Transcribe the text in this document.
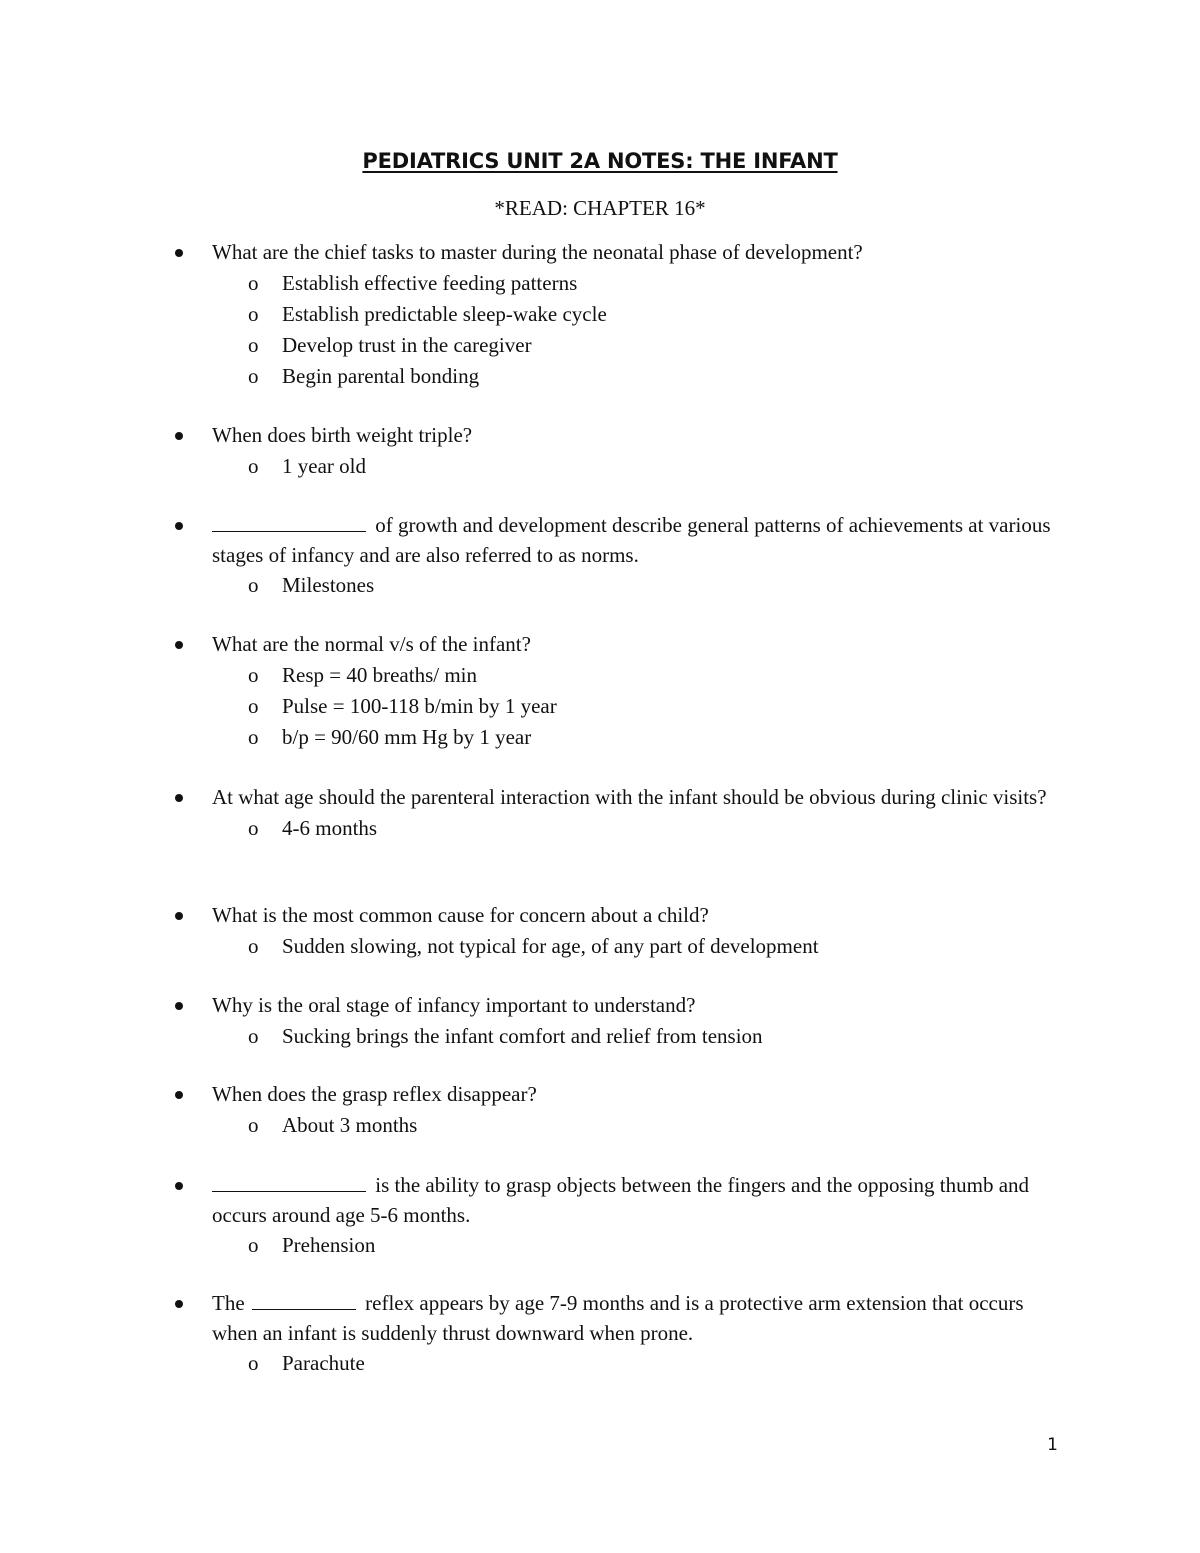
PEDIATRICS UNIT 2A NOTES: THE INFANT
*READ: CHAPTER 16*
What are the chief tasks to master during the neonatal phase of development?
o Establish effective feeding patterns
o Establish predictable sleep-wake cycle
o Develop trust in the caregiver
o Begin parental bonding
When does birth weight triple?
o 1 year old
of growth and development describe general patterns of achievements at various stages of infancy and are also referred to as norms.
o Milestones
What are the normal v/s of the infant?
o Resp = 40 breaths/ min
o Pulse = 100-118 b/min by 1 year
o b/p = 90/60 mm Hg by 1 year
At what age should the parenteral interaction with the infant should be obvious during clinic visits?
o 4-6 months
What is the most common cause for concern about a child?
o Sudden slowing, not typical for age, of any part of development
Why is the oral stage of infancy important to understand?
o Sucking brings the infant comfort and relief from tension
When does the grasp reflex disappear?
o About 3 months
is the ability to grasp objects between the fingers and the opposing thumb and occurs around age 5-6 months.
o Prehension
The	reflex appears by age 7-9 months and is a protective arm extension that occurs when an infant is suddenly thrust downward when prone.
o Parachute
1
